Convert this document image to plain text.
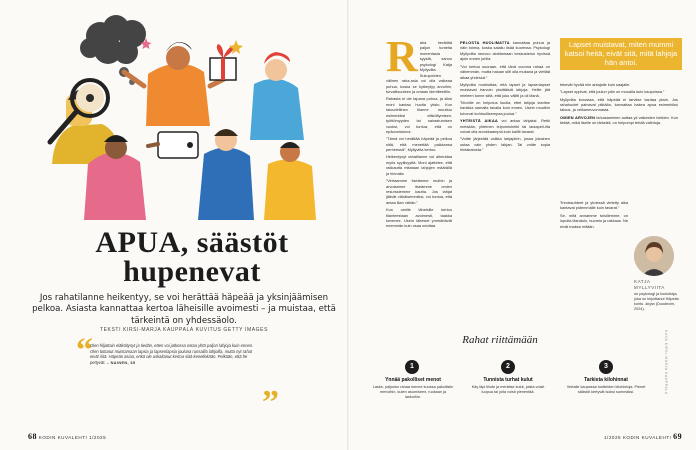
APUA, säästöt
hupenevat
Jos rahatilanne heikentyy, se voi herättää häpeää ja yksinjäämisen pelkoa. Asiasta kannattaa kertoa läheisille avoimesti – ja muistaa, että tärkeintä on yhdessäolo.
TEKSTI KIRSI-MARJA KAUPPALA KUVITUS GETTY IMAGES
“
Olen hiljattain eläköitynyt ja tiedän, etten voi jatkossa ostaa yhtä paljon lahjoja kuin ennen. Olen tottunut muistamaan lapsia ja lapsenlapsia jouluna runsailla lahjoilla, mutta nyt rahat eivät riitä. Häpeän asiaa, enkä ole uskaltanut kertoa siitä kenellekään. Pelkään, että he pettyvät. – NAINEN, 65
”
68 KODIN KUVALEHTI 1/2025
R aha herättää paljon tunteita monentasia syystä, sanoo psykologi Katja Myllyviita. Sukupolvien välinen raha-asia voi olla vaikeaa puhua, koska se kytkeytyy arvoihin, turvallisuuteen ja omaan identiteettiin.

Rahasta ei ole tapana puhua, ja siksi moni kantaa huolta yksin. Kun taloudellinen tilanne muuttuu esimerkiksi eläköitymisen, työttömyyden tai sairastumisen vuoksi, voi tuntua, että on epäonnistunut.

”Tämä voi herättää häpeää ja pelkoa siitä, että menettää paikkansa perheessä”, Myllyviita kertoo.

Heikentynyt rahatilanne voi aiheuttaa myös syyllisyyttä. Moni ajattelee, että rakkautta mitataan lahjojen määrällä ja hinnalla.

”Vertaamme itseämme muihin ja arvotamme itseämme omien resurssiemme kautta. Jos lahjat jäävät vähäisemmiksi, voi tuntua, että antaa liian vähän.”

Kun omille läheisille kertoo tilanteestaan avoimesti, taakka kevenee. Usein läheiset ymmärtävät enemmän kuin osaa odottaa.

PELOSTA HUOLIMATTA kannattaa puhua ja näin toimia, koska salailu lisää kuormaa. Psykologi Myllyviita neuvoo aloittamaan keskustelun hyvissä ajoin ennen juhlia.

”Voi kertoa suoraan, että tänä vuonna rahaa on vähemmän, mutta haluan silti olla mukana ja viettää aikaa yhdessä.”

Myllyviita muistuttaa, että lapset ja lapsenlapset muistavat harvoin yksittäisiä lahjoja. Heille jää mieleen tunne siitä, että joku välitti ja oli läsnä.

”Monille on helpotus kuulla, ettei lahjoja tarvitse hankkia samalla tavalla kuin ennen. Usein muutkin toivovat kohtuullisempaa joulua.”

YHTEISTÄ AIKAA voi antaa lahjaksi. Retki metsään, yhteinen leipomishetki tai lautapeli-ilta voivat olla arvokkaampia kuin kalliit tavarat.

”Voitte järjestää vaikka lahjapiirin, jossa jokainen ostaa vain yhden lahjan. Tai voitte sopia hintakatosta.”

Lapset muistavat, miten mummi katsoi heitä, eivät sitä, mitä lahjoja hän antoi.

tekevät hyvää niin antajalle kuin saajalle.

”Lapset oppivat, että joulun ydin on muualla kuin kaupoissa.”

Myllyviita korostaa, että häpeää ei tarvitse kantaa yksin. Jos rahahuolet painavat pitkään, kannattaa hakea apua esimerkiksi talous- ja velkaneuvonnasta.

OMIEN ARVOJEN kirkastaminen auttaa yli vaikeiden hetkien. Kun tietää, mikä itselle on tärkeää, on helpompi tehdä valintoja.

”Ihmissuhteet ja yhdessä vietetty aika kantavat pidemmälle kuin tavarat.”

Se, mitä annamme toisillemme, on lopulta läsnäolo, huomio ja rakkaus. Ne eivät maksa mitään.

KATJA MYLLYVIITA
on psykologi ja kouluttaja, joka on kirjoittanut Häpeän kohtu -kirjan (Duodecim, 2024).
Rahat riittämään
1
Ynnää pakolliset menot
Laske, paljonko rahaa menee kuussa pakollisiin menoihin, kuten asumiseen, ruokaan ja laskuihin.
2
Tunnista turhat kulut
Käy läpi tiliote ja merkitse kulut, joista voisit luopua tai joita voisit pienentää.
3
Tarkista kilohinnat
Vertaile kaupassa tuotteiden kilohintoja. Pienet säästöt kertyvät isoksi summaksi.	KUVA KIRSI-MARJA KAUPPALA
1/2025 KODIN KUVALEHTI 69
